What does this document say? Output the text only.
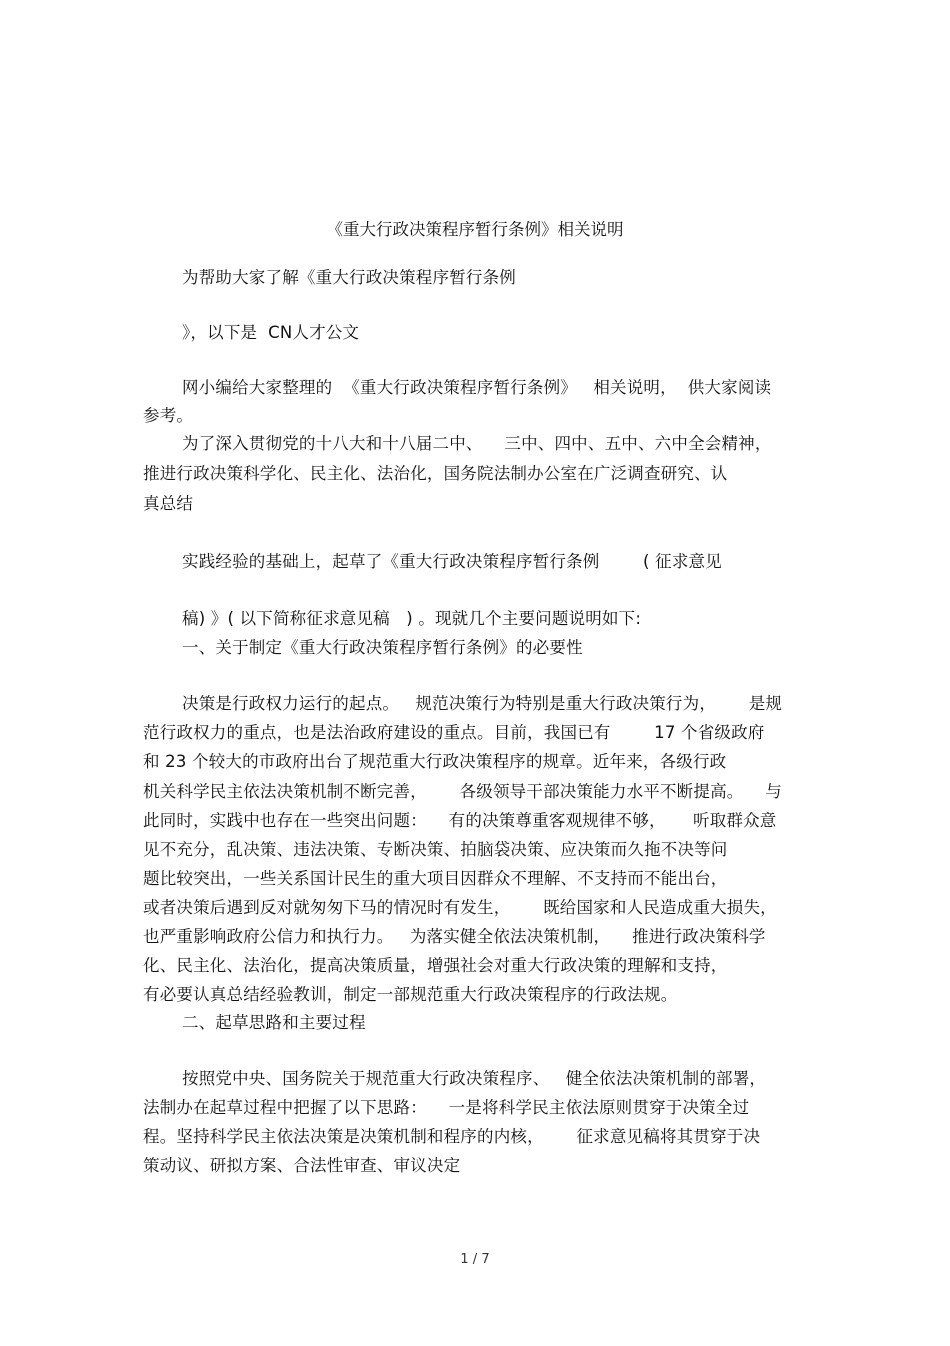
《重大行政决策程序暂行条例》相关说明
为帮助大家了解《重大行政决策程序暂行条例
》，以下是  CN人才公文
网小编给大家整理的  《重大行政决策程序暂行条例》   相关说明，  供大家阅读
参考。
为了深入贯彻党的十八大和十八届二中、    三中、四中、五中、六中全会精神，
推进行政决策科学化、民主化、法治化，国务院法制办公室在广泛调查研究、认
真总结
实践经验的基础上，起草了《重大行政决策程序暂行条例        ( 征求意见
稿) 》( 以下简称征求意见稿   ) 。现就几个主要问题说明如下:
一、关于制定《重大行政决策程序暂行条例》的必要性
决策是行政权力运行的起点。   规范决策行为特别是重大行政决策行为，      是规
范行政权力的重点，也是法治政府建设的重点。目前，我国已有        17 个省级政府
和 23 个较大的市政府出台了规范重大行政决策程序的规章。近年来，各级行政
机关科学民主依法决策机制不断完善，      各级领导干部决策能力水平不断提高。    与
此同时，实践中也存在一些突出问题：    有的决策尊重客观规律不够，     听取群众意
见不充分，乱决策、违法决策、专断决策、拍脑袋决策、应决策而久拖不决等问
题比较突出，一些关系国计民生的重大项目因群众不理解、不支持而不能出台，
或者决策后遇到反对就匆匆下马的情况时有发生，      既给国家和人民造成重大损失，
也严重影响政府公信力和执行力。   为落实健全依法决策机制，    推进行政决策科学
化、民主化、法治化，提高决策质量，增强社会对重大行政决策的理解和支持，
有必要认真总结经验教训，制定一部规范重大行政决策程序的行政法规。
二、起草思路和主要过程
按照党中央、国务院关于规范重大行政决策程序、   健全依法决策机制的部署，
法制办在起草过程中把握了以下思路：    一是将科学民主依法原则贯穿于决策全过
程。坚持科学民主依法决策是决策机制和程序的内核，      征求意见稿将其贯穿于决
策动议、研拟方案、合法性审查、审议决定
1 / 7
